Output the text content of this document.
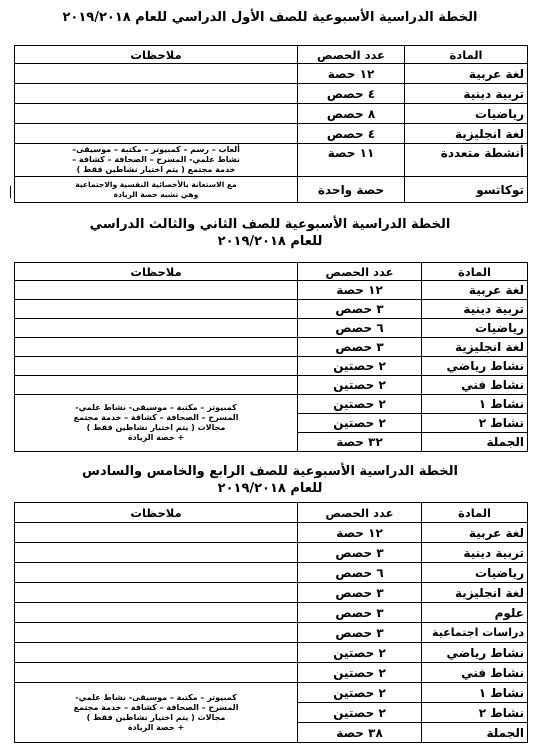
الخطة الدراسية الأسبوعية للصف الأول الدراسي للعام ٢٠١٩/٢٠١٨
المادة	عدد الحصص	ملاحظات
لغة عربية	١٢ حصة	
تربية دينية	٤ حصص	
رياضيات	٨ حصص	
لغة انجليزية	٤ حصص	
أنشطة متعددة	١١ حصة	ألعاب – رسم – كمبيوتر – مكتبة – موسيقى–
نشاط علمي- المسرح – الصحافة – كشافة –
خدمة مجتمع ( يتم اختيار نشاطين فقط )

توكاتسو	حصة واحدة	مع الاستعانة بالأخصائية النفسية والاجتماعية
وهي تشبه حصة الريادة
الخطة الدراسية الأسبوعية للصف الثاني والثالث الدراسي
للعام ٢٠١٩/٢٠١٨
المادة	عدد الحصص	ملاحظات
لغة عربية	١٢ حصة	
تربية دينية	٣ حصص	
رياضيات	٦ حصص	
لغة انجليزية	٣ حصص	
نشاط رياضي	٢ حصتين	
نشاط فني	٢ حصتين	
نشاط ١	٢ حصتين	كمبيوتر – مكتبة – موسيقى- نشاط علمي-
المسرح – الصحافة – كشافة – خدمة مجتمع
مجالات ( يتم اختيار نشاطين فقط )
+ حصة الريادة

نشاط ٢	٢ حصتين	
الجملة	٣٢ حصة	
الخطة الدراسية الأسبوعية للصف الرابع والخامس والسادس
للعام ٢٠١٩/٢٠١٨
المادة	عدد الحصص	ملاحظات
لغة عربية	١٢ حصة	
تربية دينية	٣ حصص	
رياضيات	٦ حصص	
لغة انجليزية	٣ حصص	
علوم	٣ حصص	
دراسات اجتماعية	٣ حصص	
نشاط رياضي	٢ حصتين	
نشاط فني	٢ حصتين	
نشاط ١	٢ حصتين	كمبيوتر – مكتبة – موسيقى- نشاط علمي-
المسرح – الصحافة – كشافة – خدمة مجتمع
مجالات ( يتم اختيار نشاطين فقط )
+ حصة الريادة

نشاط ٢	٢ حصتين	
الجملة	٣٨ حصة	
